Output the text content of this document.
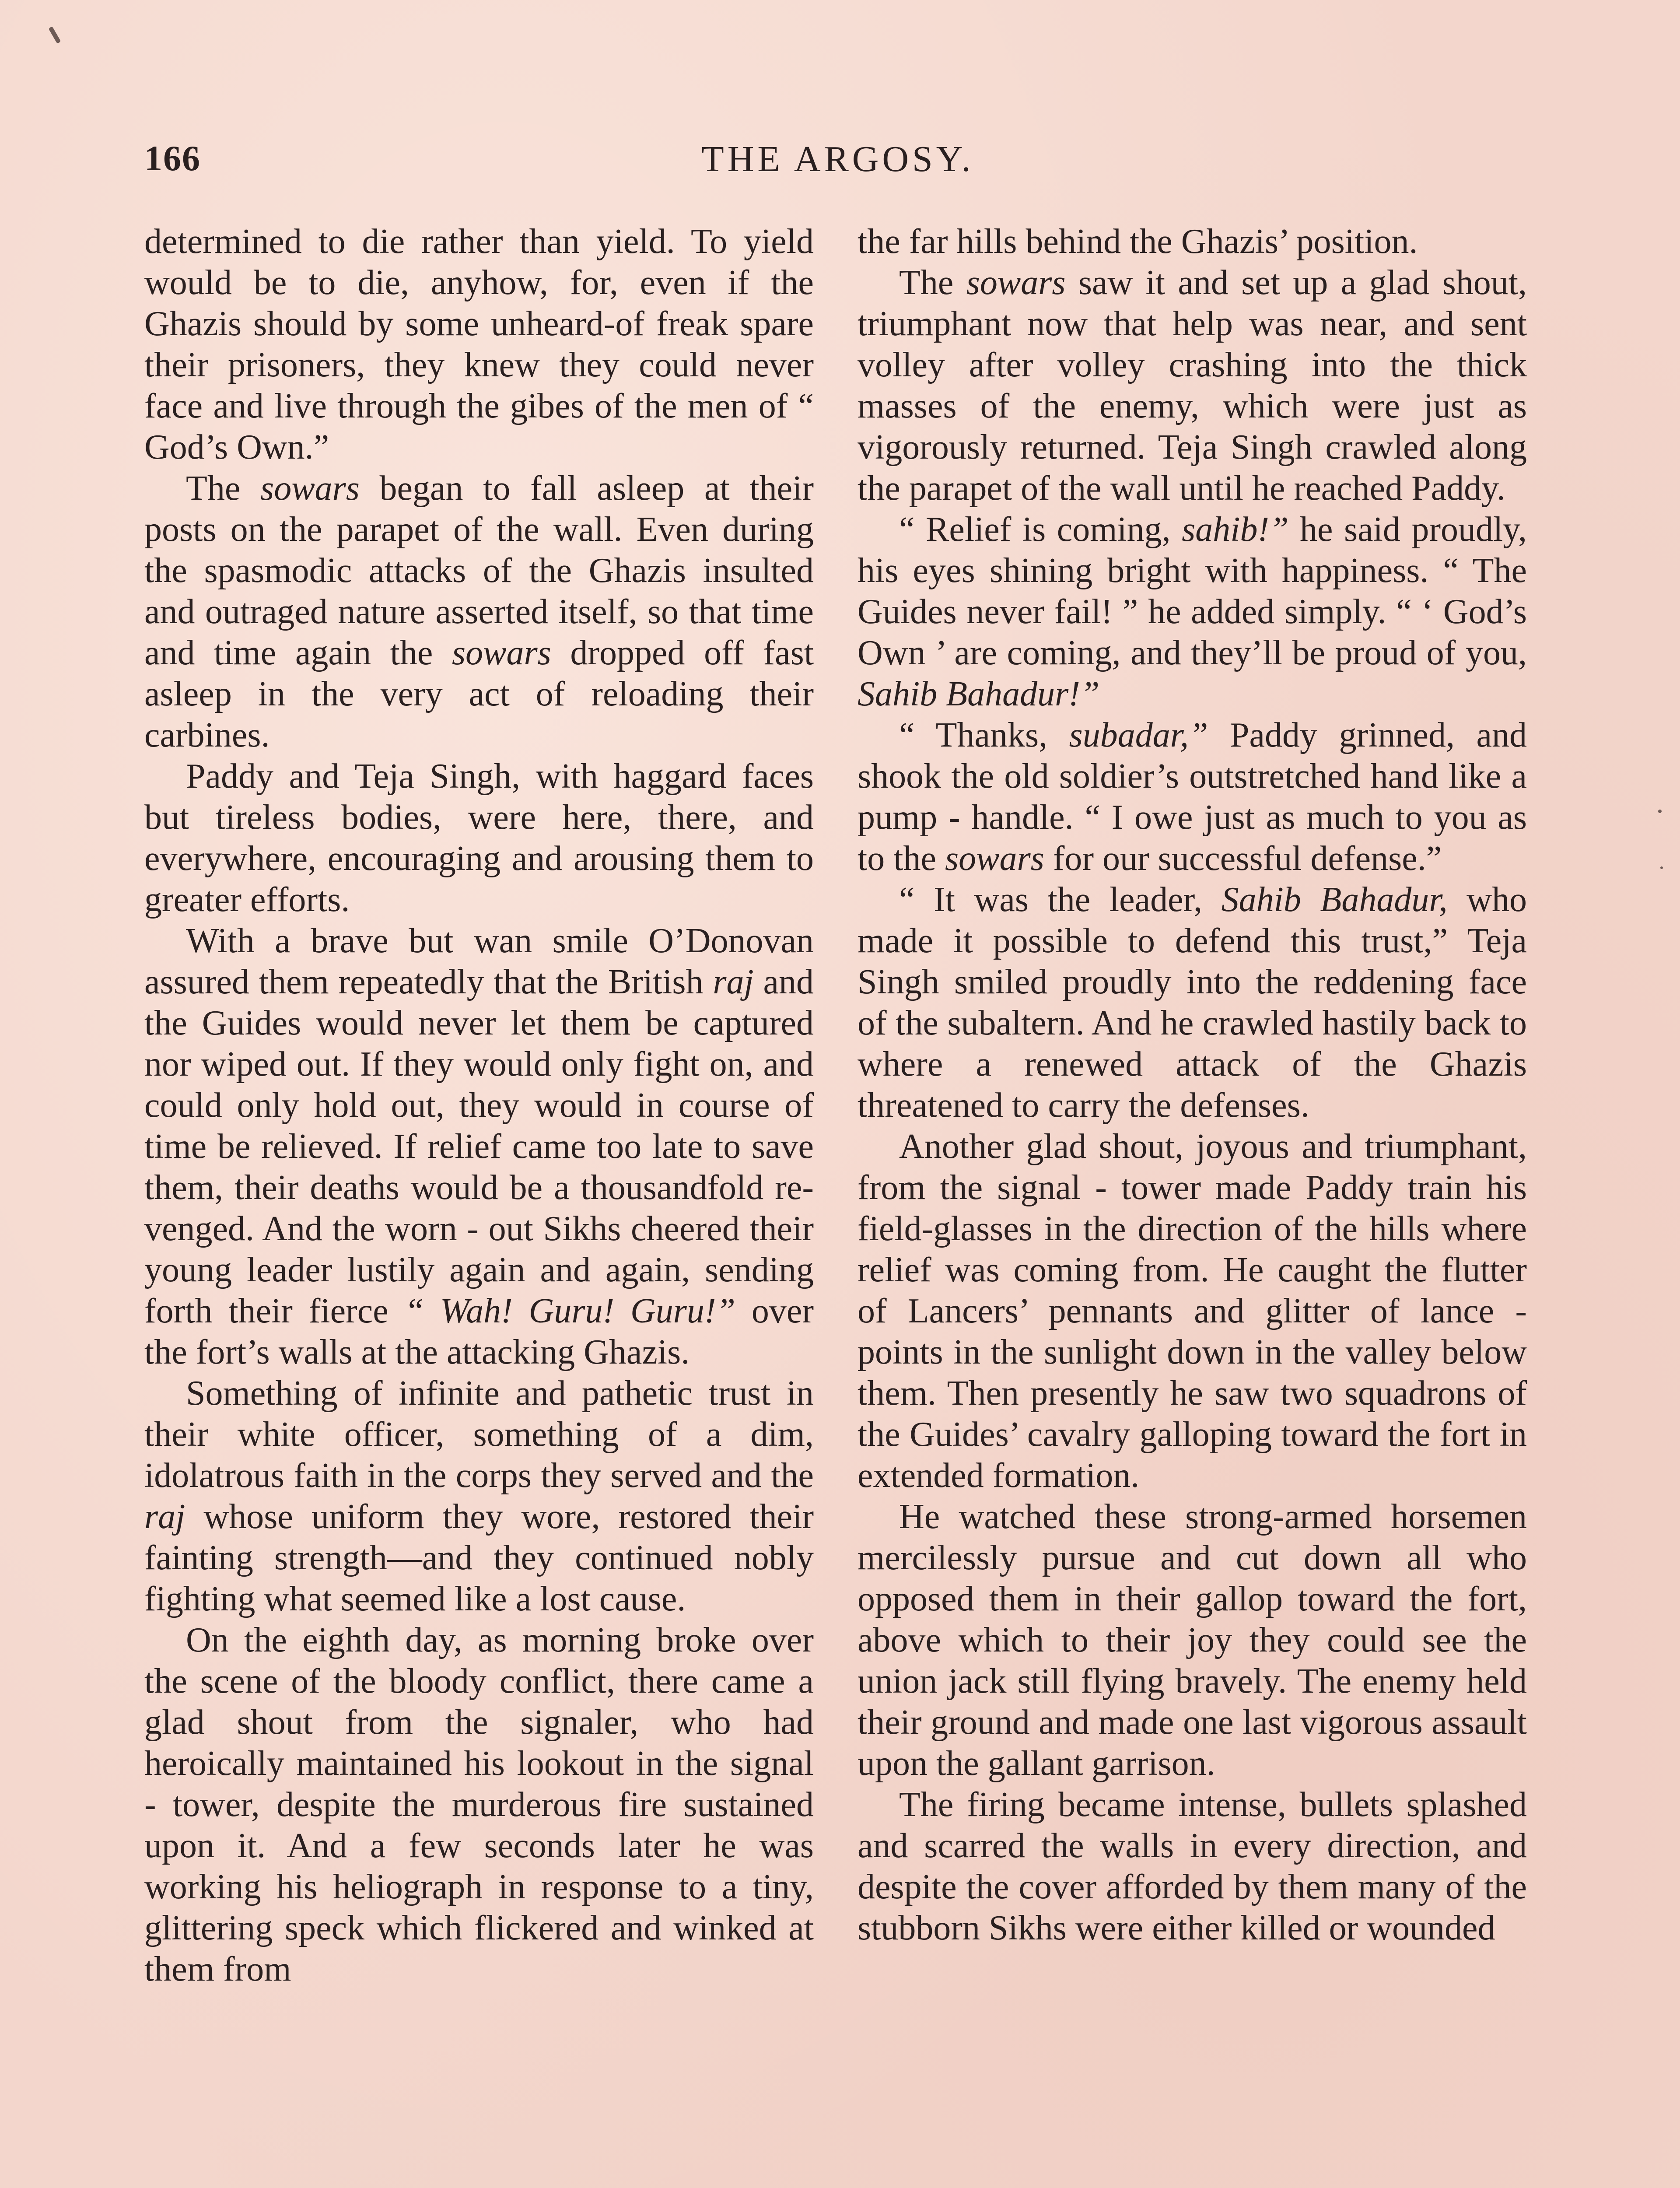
166	THE ARGOSY.

determined to die rather than yield. To yield would be to die, anyhow, for, even if the Ghazis should by some unheard-of freak spare their prisoners, they knew they could never face and live through the gibes of the men of “ God’s Own.”

The sowars began to fall asleep at their posts on the parapet of the wall. Even during the spasmodic attacks of the Ghazis insulted and outraged nature asserted itself, so that time and time again the sowars dropped off fast asleep in the very act of reloading their carbines.

Paddy and Teja Singh, with haggard faces but tireless bodies, were here, there, and everywhere, encouraging and arousing them to greater efforts.

With a brave but wan smile O’Donovan assured them repeatedly that the British raj and the Guides would never let them be captured nor wiped out. If they would only fight on, and could only hold out, they would in course of time be relieved. If relief came too late to save them, their deaths would be a thousandfold revenged. And the worn - out Sikhs cheered their young leader lustily again and again, sending forth their fierce “ Wah! Guru! Guru!” over the fort’s walls at the attacking Ghazis.

Something of infinite and pathetic trust in their white officer, something of a dim, idolatrous faith in the corps they served and the raj whose uniform they wore, restored their fainting strength—and they continued nobly fighting what seemed like a lost cause.

On the eighth day, as morning broke over the scene of the bloody conflict, there came a glad shout from the signaler, who had heroically maintained his lookout in the signal - tower, despite the murderous fire sustained upon it. And a few seconds later he was working his heliograph in response to a tiny, glittering speck which flickered and winked at them from

the far hills behind the Ghazis’ position.

The sowars saw it and set up a glad shout, triumphant now that help was near, and sent volley after volley crashing into the thick masses of the enemy, which were just as vigorously returned. Teja Singh crawled along the parapet of the wall until he reached Paddy.

“ Relief is coming, sahib!” he said proudly, his eyes shining bright with happiness. “ The Guides never fail! ” he added simply. “ ‘ God’s Own ’ are coming, and they’ll be proud of you, Sahib Bahadur!”

“ Thanks, subadar,” Paddy grinned, and shook the old soldier’s outstretched hand like a pump - handle. “ I owe just as much to you as to the sowars for our successful defense.”

“ It was the leader, Sahib Bahadur, who made it possible to defend this trust,” Teja Singh smiled proudly into the reddening face of the subaltern. And he crawled hastily back to where a renewed attack of the Ghazis threatened to carry the defenses.

Another glad shout, joyous and triumphant, from the signal - tower made Paddy train his field-glasses in the direction of the hills where relief was coming from. He caught the flutter of Lancers’ pennants and glitter of lance - points in the sunlight down in the valley below them. Then presently he saw two squadrons of the Guides’ cavalry galloping toward the fort in extended formation.

He watched these strong-armed horsemen mercilessly pursue and cut down all who opposed them in their gallop toward the fort, above which to their joy they could see the union jack still flying bravely. The enemy held their ground and made one last vigorous assault upon the gallant garrison.

The firing became intense, bullets splashed and scarred the walls in every direction, and despite the cover afforded by them many of the stubborn Sikhs were either killed or wounded
